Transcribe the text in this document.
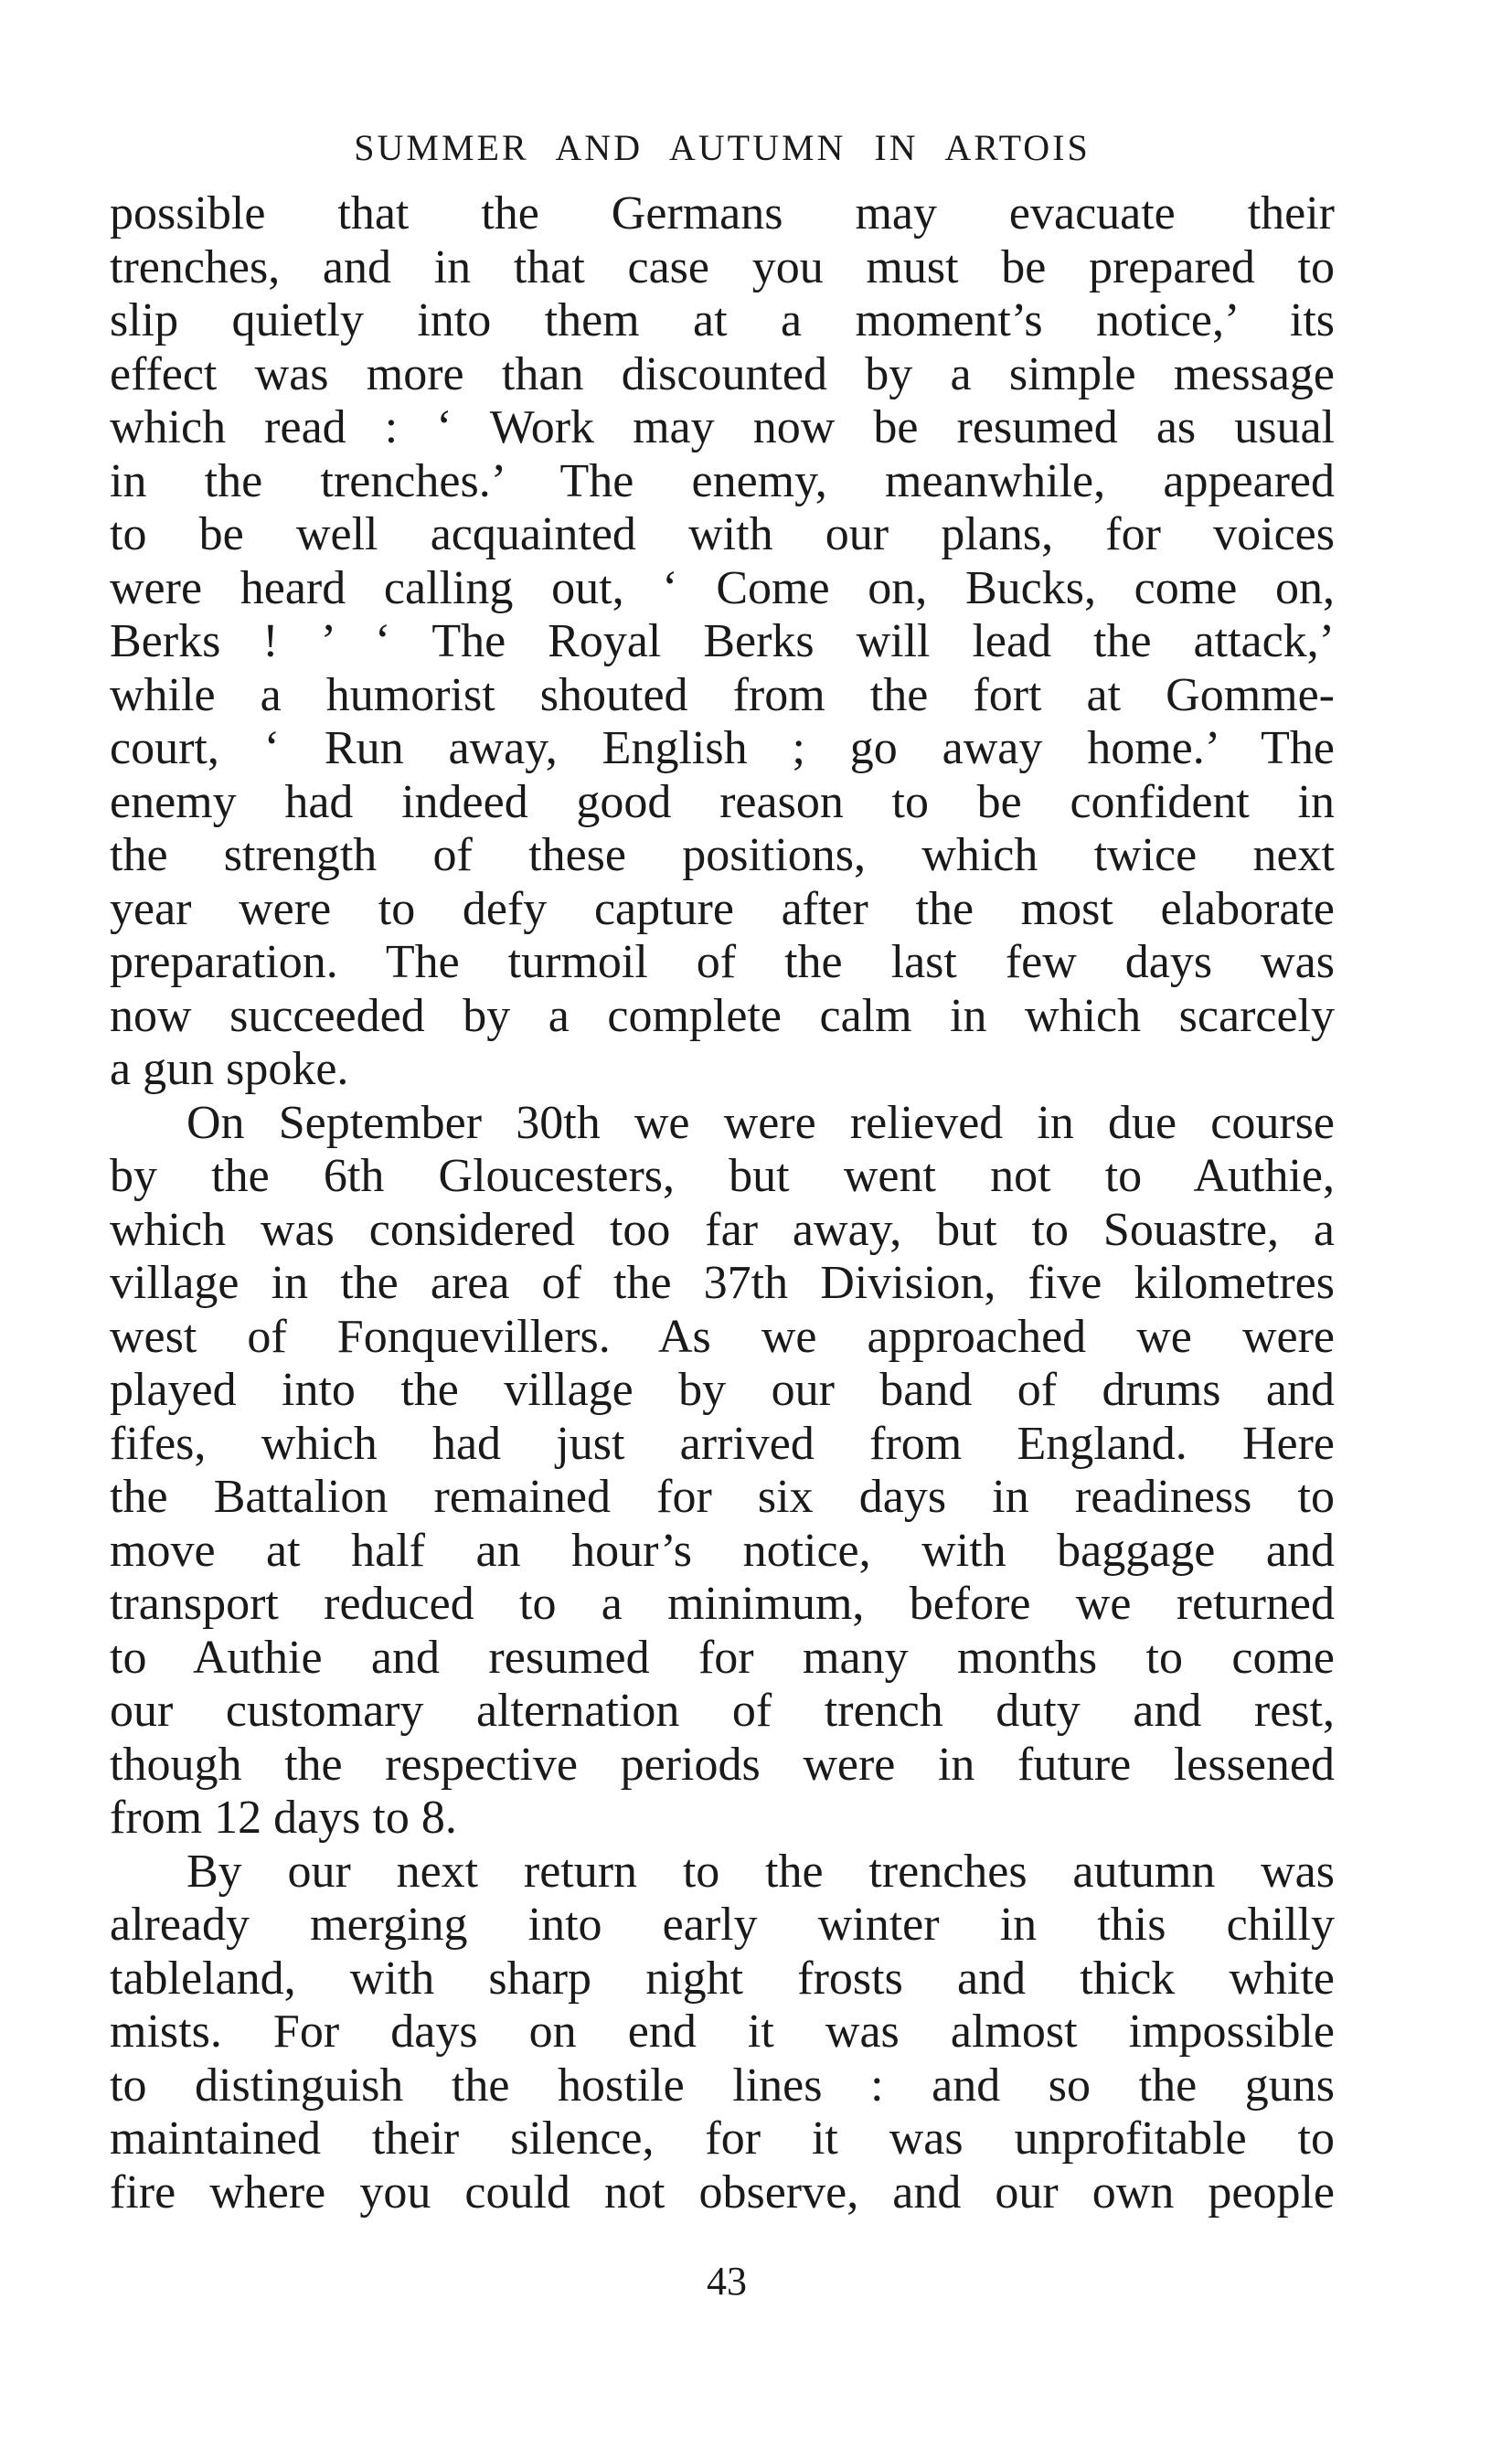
SUMMER AND AUTUMN IN ARTOIS
possible that the Germans may evacuate their
trenches, and in that case you must be prepared to
slip quietly into them at a moment’s notice,’ its
effect was more than discounted by a simple message
which read : ‘ Work may now be resumed as usual
in the trenches.’ The enemy, meanwhile, appeared
to be well acquainted with our plans, for voices
were heard calling out, ‘ Come on, Bucks, come on,
Berks ! ’ ‘ The Royal Berks will lead the attack,’
while a humorist shouted from the fort at Gomme-
court, ‘ Run away, English ; go away home.’ The
enemy had indeed good reason to be confident in
the strength of these positions, which twice next
year were to defy capture after the most elaborate
preparation. The turmoil of the last few days was
now succeeded by a complete calm in which scarcely
a gun spoke.
On September 30th we were relieved in due course
by the 6th Gloucesters, but went not to Authie,
which was considered too far away, but to Souastre, a
village in the area of the 37th Division, five kilometres
west of Fonquevillers. As we approached we were
played into the village by our band of drums and
fifes, which had just arrived from England. Here
the Battalion remained for six days in readiness to
move at half an hour’s notice, with baggage and
transport reduced to a minimum, before we returned
to Authie and resumed for many months to come
our customary alternation of trench duty and rest,
though the respective periods were in future lessened
from 12 days to 8.
By our next return to the trenches autumn was
already merging into early winter in this chilly
tableland, with sharp night frosts and thick white
mists. For days on end it was almost impossible
to distinguish the hostile lines : and so the guns
maintained their silence, for it was unprofitable to
fire where you could not observe, and our own people
43
